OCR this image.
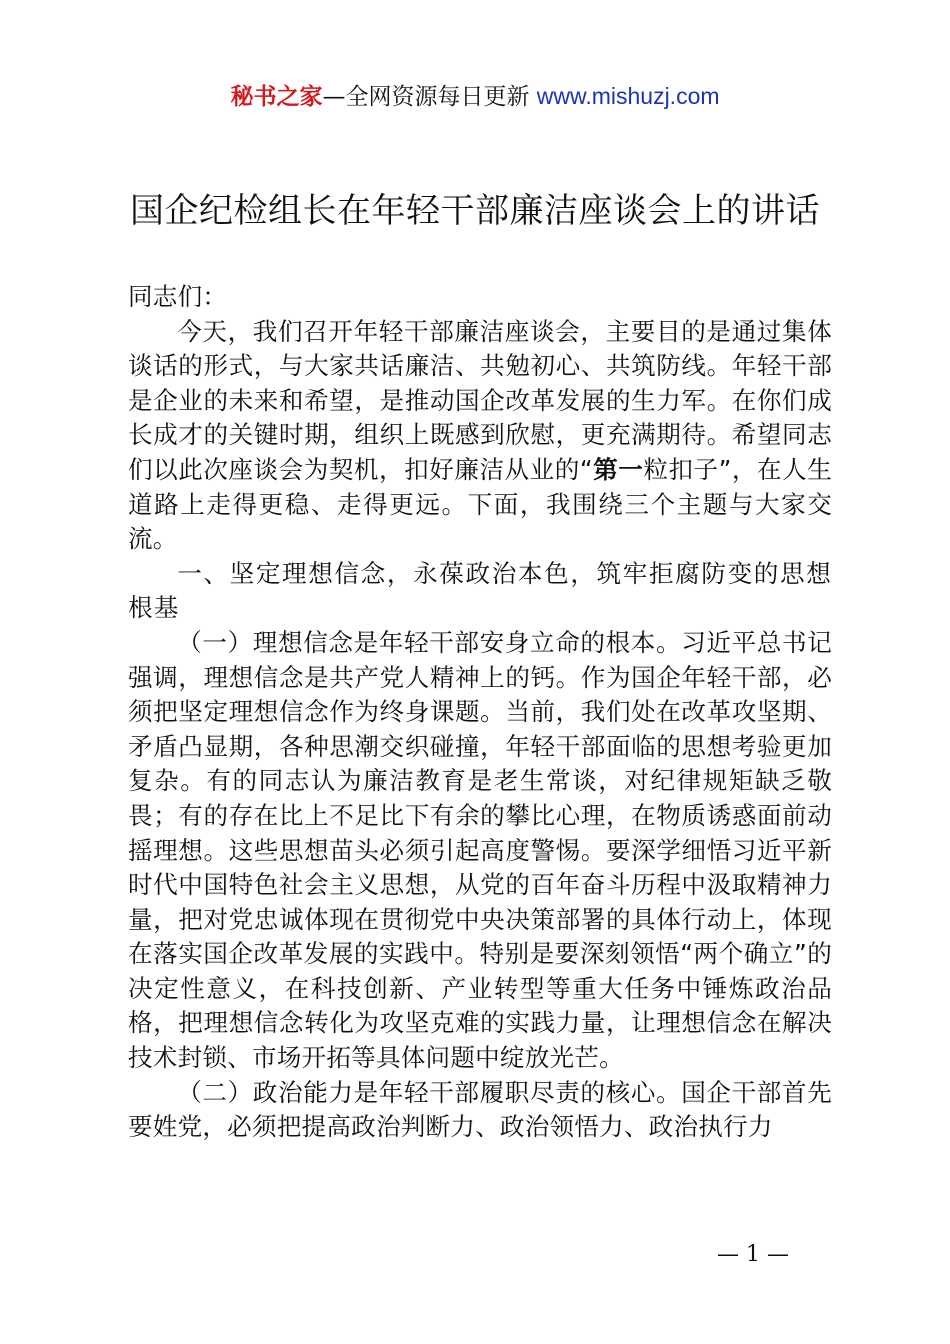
秘书之家—全网资源每日更新 www.mishuzj.com
国企纪检组长在年轻干部廉洁座谈会上的讲话

同志们：

今天，我们召开年轻干部廉洁座谈会，主要目的是通过集体谈话的形式，与大家共话廉洁、共勉初心、共筑防线。年轻干部是企业的未来和希望，是推动国企改革发展的生力军。在你们成长成才的关键时期，组织上既感到欣慰，更充满期待。希望同志们以此次座谈会为契机，扣好廉洁从业的“第一粒扣子”，在人生道路上走得更稳、走得更远。下面，我围绕三个主题与大家交流。

一、坚定理想信念，永葆政治本色，筑牢拒腐防变的思想根基

（一）理想信念是年轻干部安身立命的根本。习近平总书记强调，理想信念是共产党人精神上的钙。作为国企年轻干部，必须把坚定理想信念作为终身课题。当前，我们处在改革攻坚期、矛盾凸显期，各种思潮交织碰撞，年轻干部面临的思想考验更加复杂。有的同志认为廉洁教育是老生常谈，对纪律规矩缺乏敬畏；有的存在比上不足比下有余的攀比心理，在物质诱惑面前动摇理想。这些思想苗头必须引起高度警惕。要深学细悟习近平新时代中国特色社会主义思想，从党的百年奋斗历程中汲取精神力量，把对党忠诚体现在贯彻党中央决策部署的具体行动上，体现在落实国企改革发展的实践中。特别是要深刻领悟“两个确立”的决定性意义，在科技创新、产业转型等重大任务中锤炼政治品格，把理想信念转化为攻坚克难的实践力量，让理想信念在解决技术封锁、市场开拓等具体问题中绽放光芒。

（二）政治能力是年轻干部履职尽责的核心。国企干部首先要姓党，必须把提高政治判断力、政治领悟力、政治执行力

— 1 —
